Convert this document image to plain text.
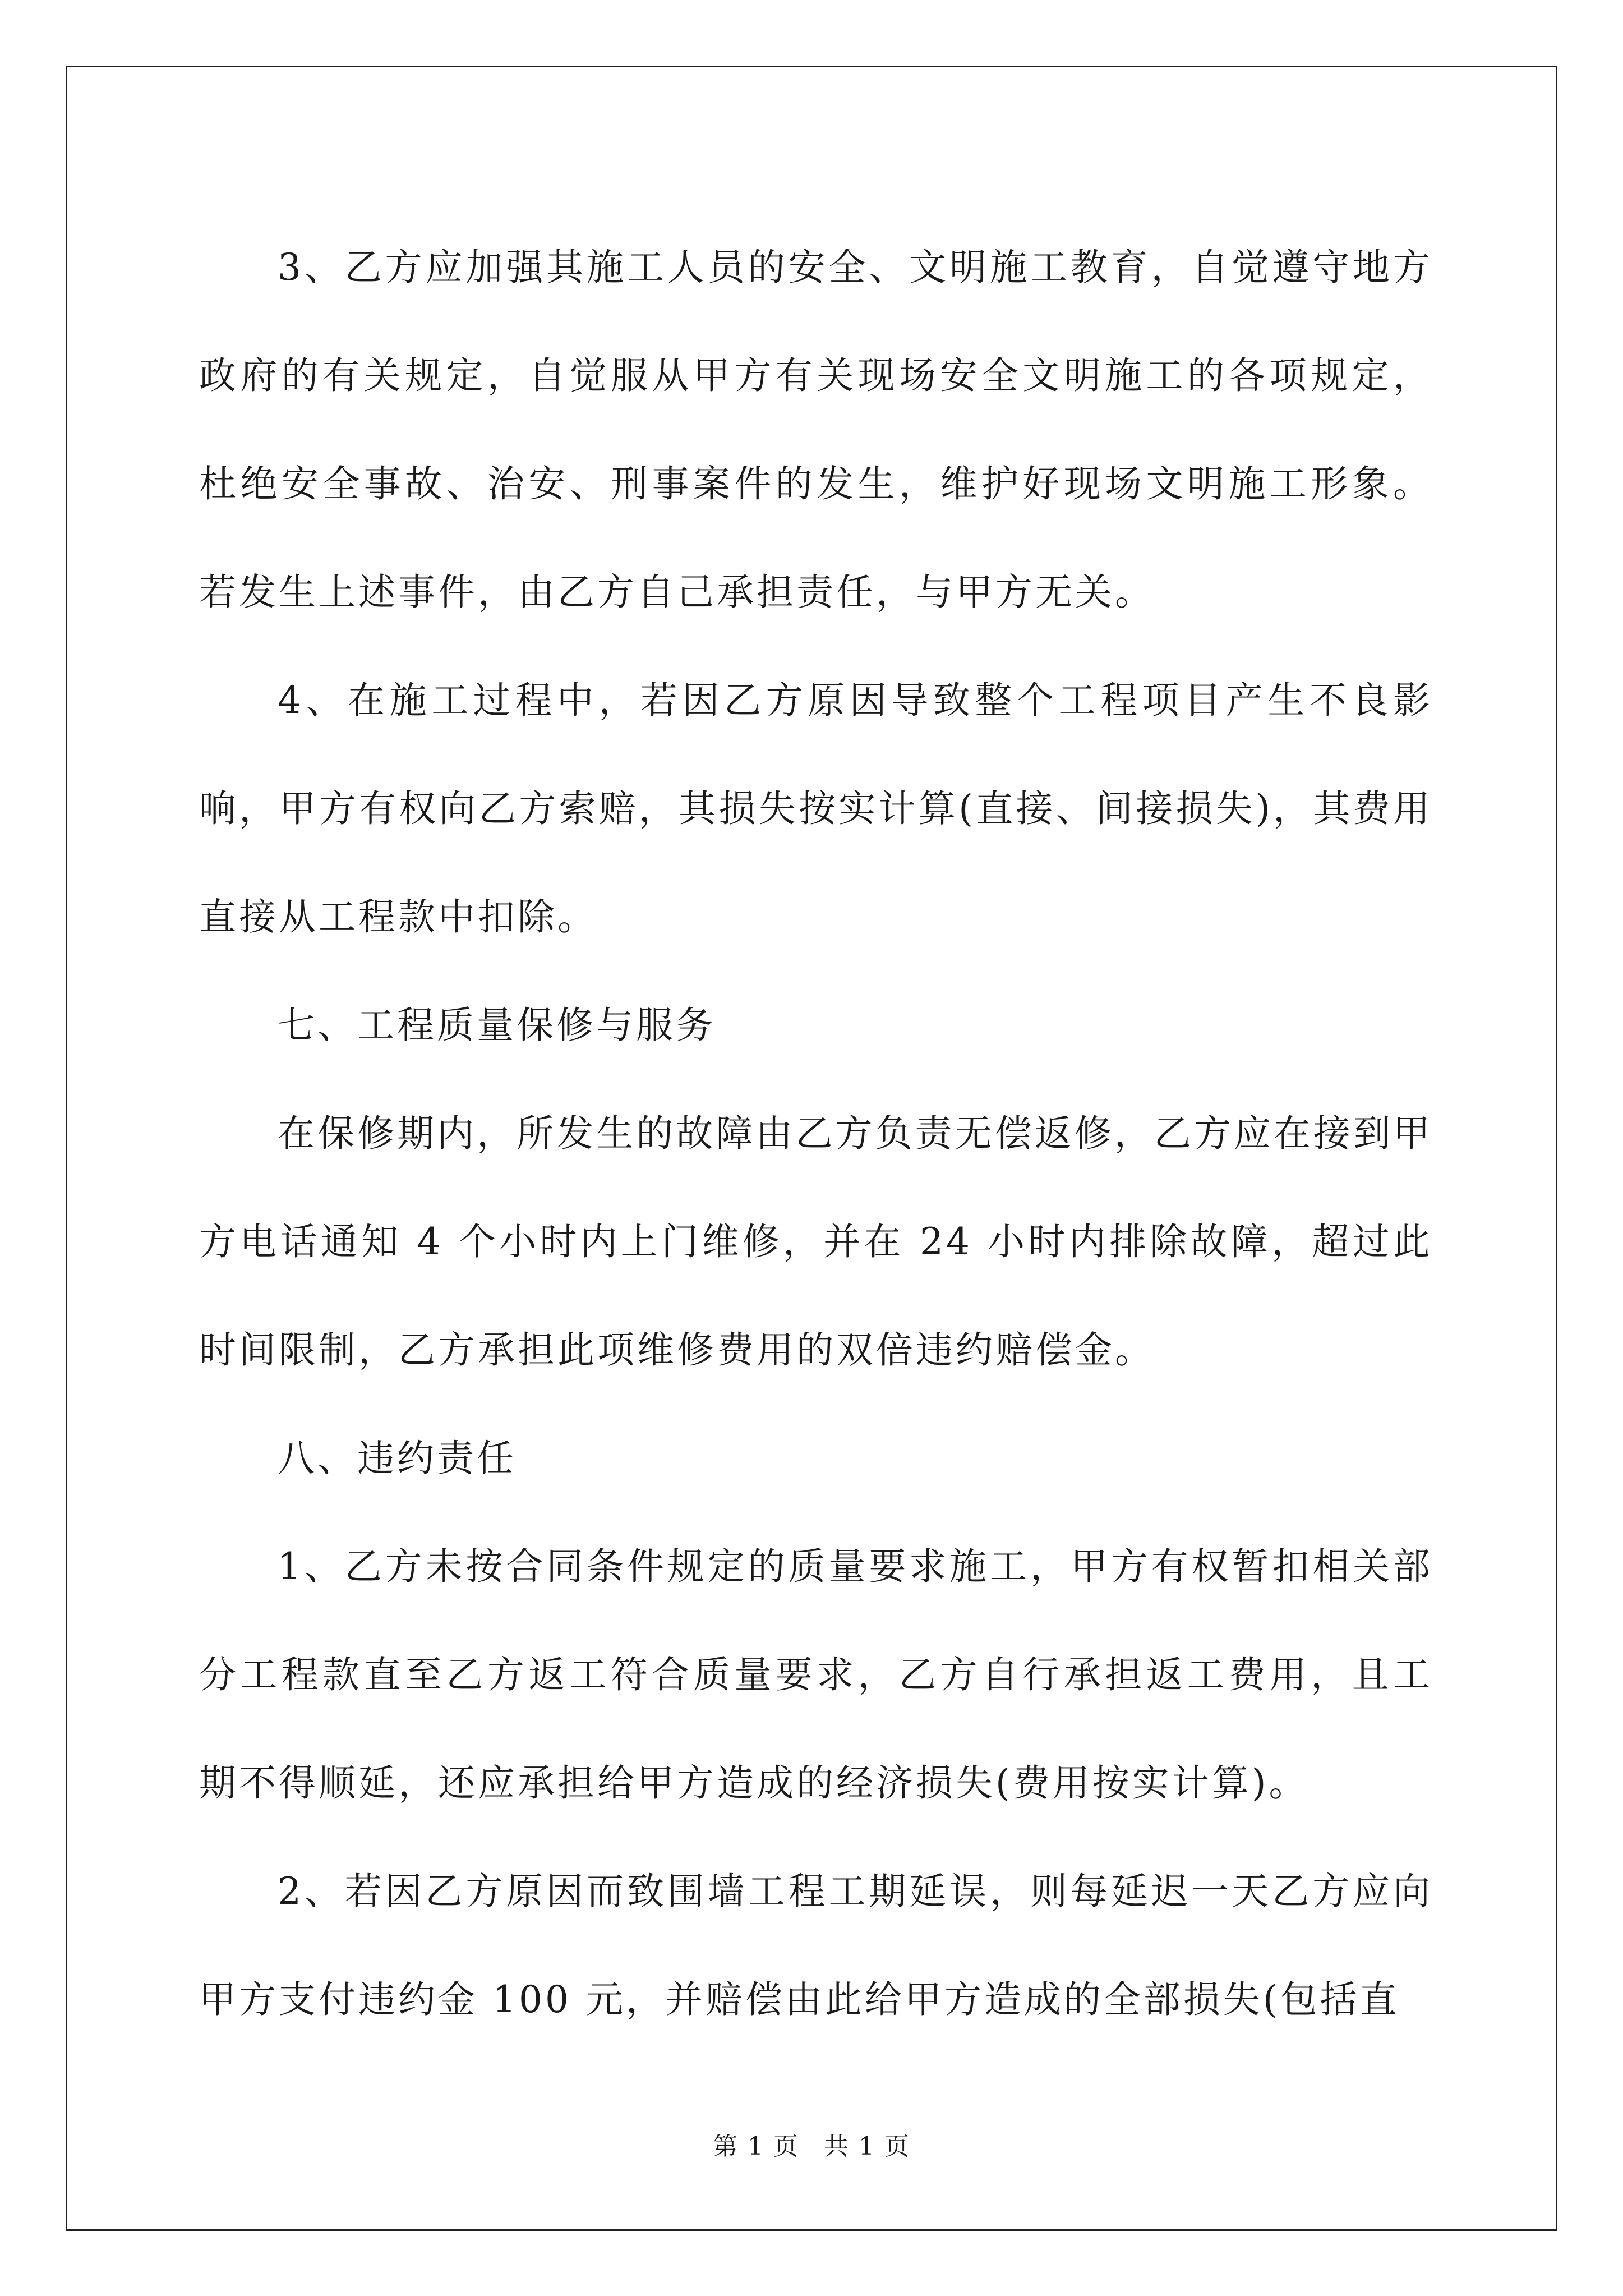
3、乙方应加强其施工人员的安全、文明施工教育，自觉遵守地方政府的有关规定，自觉服从甲方有关现场安全文明施工的各项规定，杜绝安全事故、治安、刑事案件的发生，维护好现场文明施工形象。若发生上述事件，由乙方自己承担责任，与甲方无关。

4、在施工过程中，若因乙方原因导致整个工程项目产生不良影响，甲方有权向乙方索赔，其损失按实计算(直接、间接损失)，其费用直接从工程款中扣除。

七、工程质量保修与服务

在保修期内，所发生的故障由乙方负责无偿返修，乙方应在接到甲方电话通知 4 个小时内上门维修，并在 24 小时内排除故障，超过此时间限制，乙方承担此项维修费用的双倍违约赔偿金。

八、违约责任

1、乙方未按合同条件规定的质量要求施工，甲方有权暂扣相关部分工程款直至乙方返工符合质量要求，乙方自行承担返工费用，且工期不得顺延，还应承担给甲方造成的经济损失(费用按实计算)。

2、若因乙方原因而致围墙工程工期延误，则每延迟一天乙方应向甲方支付违约金 100 元，并赔偿由此给甲方造成的全部损失(包括直

第 1 页 共 1 页
